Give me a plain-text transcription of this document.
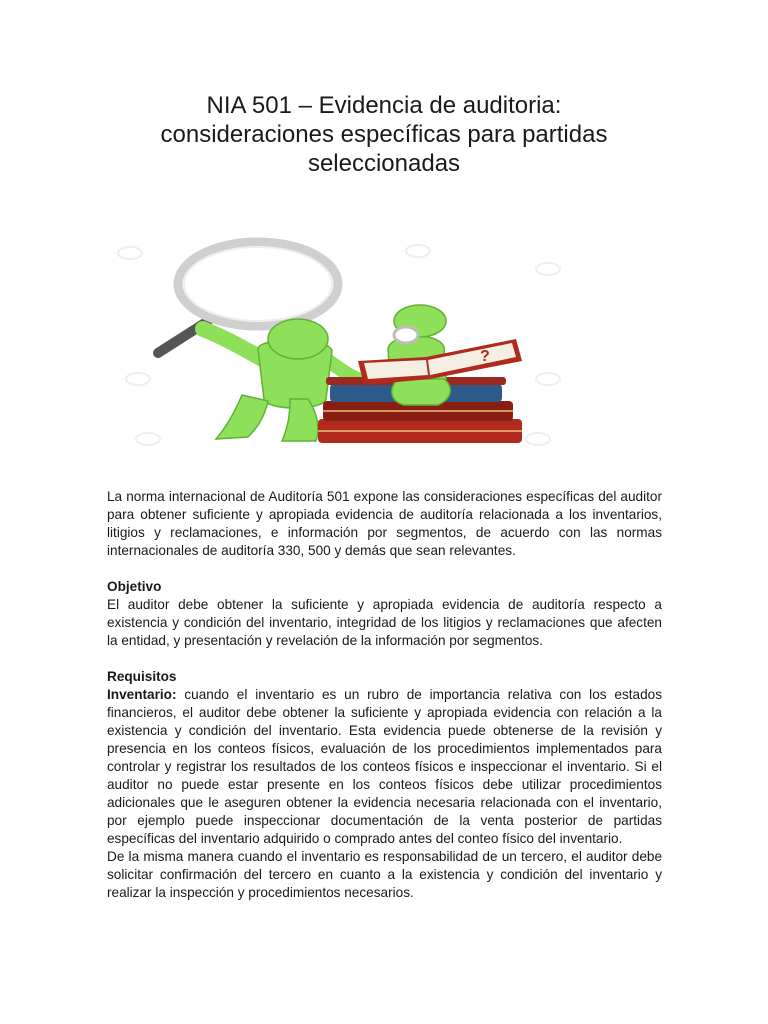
NIA 501 – Evidencia de auditoria:
consideraciones específicas para partidas
seleccionadas
?

La norma internacional de Auditoría 501 expone las consideraciones específicas del auditor para obtener suficiente y apropiada evidencia de auditoría relacionada a los inventarios, litigios y reclamaciones, e información por segmentos, de acuerdo con las normas internacionales de auditoría 330, 500 y demás que sean relevantes.

Objetivo

El auditor debe obtener la suficiente y apropiada evidencia de auditoría respecto a existencia y condición del inventario, integridad de los litigios y reclamaciones que afecten la entidad, y presentación y revelación de la información por segmentos.

Requisitos

Inventario: cuando el inventario es un rubro de importancia relativa con los estados financieros, el auditor debe obtener la suficiente y apropiada evidencia con relación a la existencia y condición del inventario. Esta evidencia puede obtenerse de la revisión y presencia en los conteos físicos, evaluación de los procedimientos implementados para controlar y registrar los resultados de los conteos físicos e inspeccionar el inventario. Si el auditor no puede estar presente en los conteos físicos debe utilizar procedimientos adicionales que le aseguren obtener la evidencia necesaria relacionada con el inventario, por ejemplo puede inspeccionar documentación de la venta posterior de partidas específicas del inventario adquirido o comprado antes del conteo físico del inventario.

De la misma manera cuando el inventario es responsabilidad de un tercero, el auditor debe solicitar confirmación del tercero en cuanto a la existencia y condición del inventario y realizar la inspección y procedimientos necesarios.
